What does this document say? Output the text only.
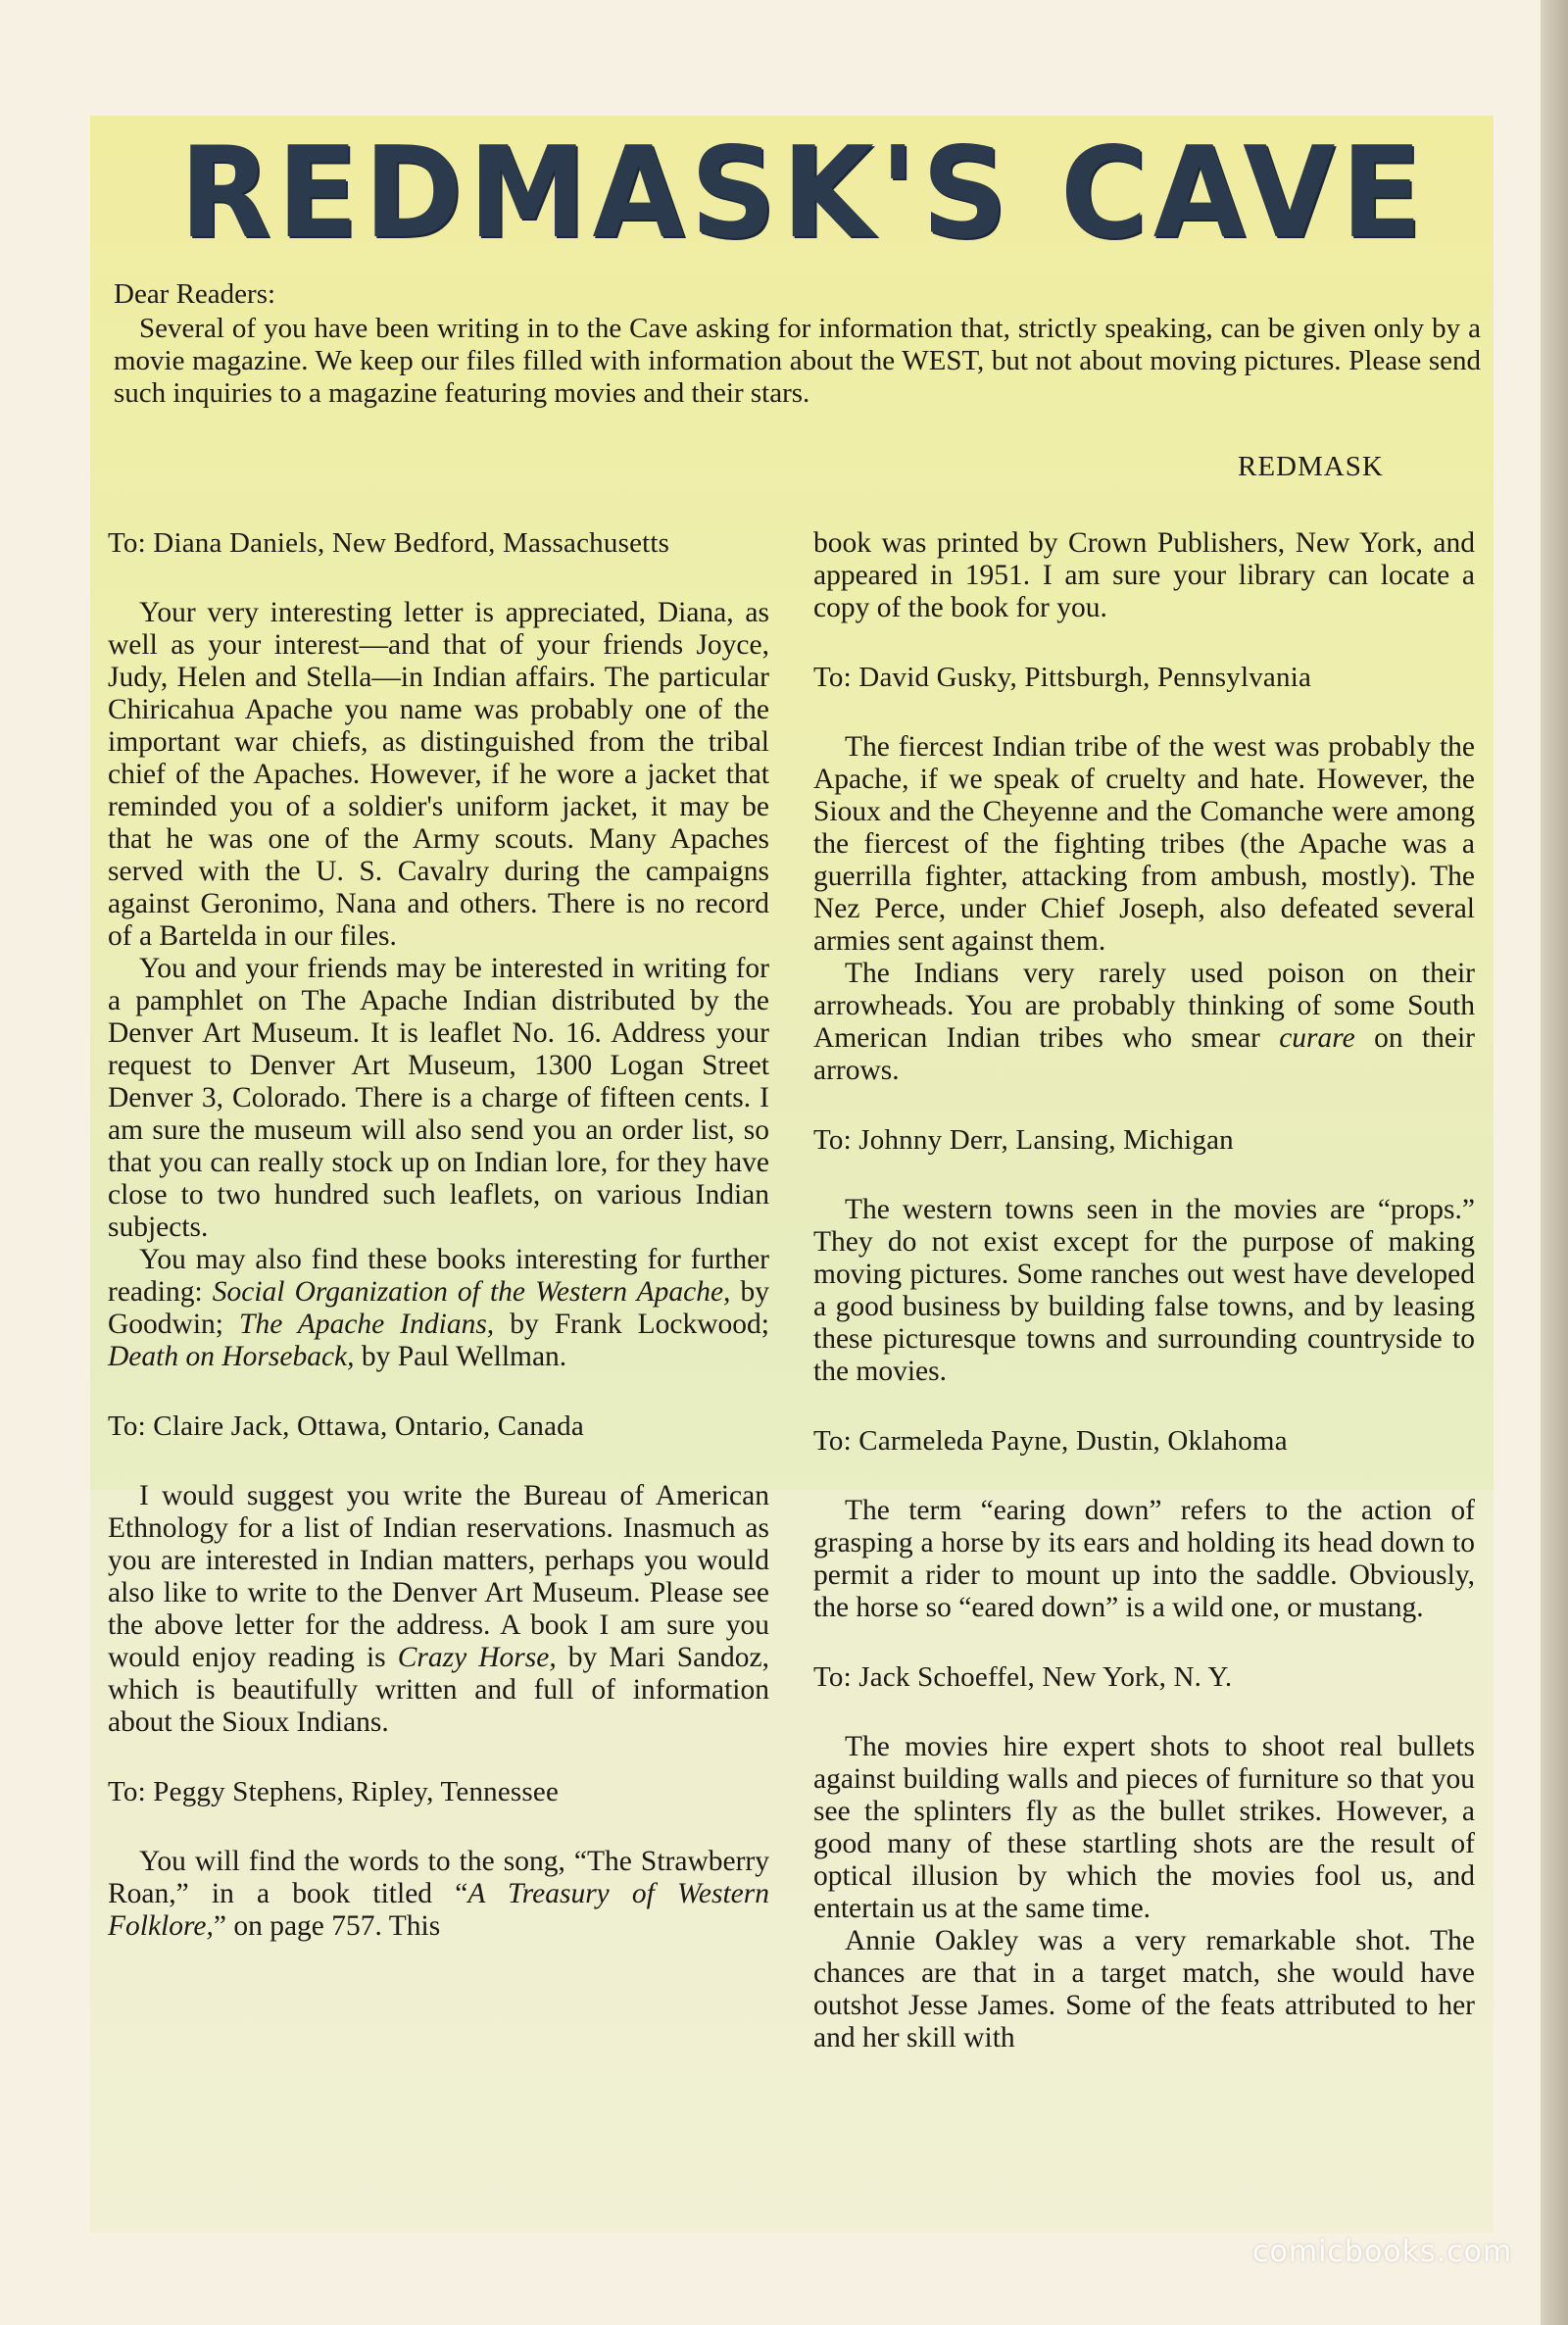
REDMASK'S CAVE

Dear Readers:

Several of you have been writing in to the Cave asking for information that, strictly speaking, can be given only by a movie magazine. We keep our files filled with information about the WEST, but not about moving pictures. Please send such inquiries to a magazine featuring movies and their stars.

REDMASK

To: Diana Daniels, New Bedford, Massachusetts

Your very interesting letter is appreciated, Diana, as well as your interest—and that of your friends Joyce, Judy, Helen and Stella—in Indian affairs. The particular Chiricahua Apache you name was probably one of the important war chiefs, as distinguished from the tribal chief of the Apaches. However, if he wore a jacket that reminded you of a soldier's uniform jacket, it may be that he was one of the Army scouts. Many Apaches served with the U. S. Cavalry during the campaigns against Geronimo, Nana and others. There is no record of a Bartelda in our files.

You and your friends may be interested in writing for a pamphlet on The Apache Indian distributed by the Denver Art Museum. It is leaflet No. 16. Address your request to Denver Art Museum, 1300 Logan Street Denver 3, Colorado. There is a charge of fifteen cents. I am sure the museum will also send you an order list, so that you can really stock up on Indian lore, for they have close to two hundred such leaflets, on various Indian subjects.

You may also find these books interesting for further reading: Social Organization of the Western Apache, by Goodwin; The Apache Indians, by Frank Lockwood; Death on Horseback, by Paul Wellman.

To: Claire Jack, Ottawa, Ontario, Canada

I would suggest you write the Bureau of American Ethnology for a list of Indian reservations. Inasmuch as you are interested in Indian matters, perhaps you would also like to write to the Denver Art Museum. Please see the above letter for the address. A book I am sure you would enjoy reading is Crazy Horse, by Mari Sandoz, which is beautifully written and full of information about the Sioux Indians.

To: Peggy Stephens, Ripley, Tennessee

You will find the words to the song, “The Strawberry Roan,” in a book titled “A Treasury of Western Folklore,” on page 757. This

book was printed by Crown Publishers, New York, and appeared in 1951. I am sure your library can locate a copy of the book for you.

To: David Gusky, Pittsburgh, Pennsylvania

The fiercest Indian tribe of the west was probably the Apache, if we speak of cruelty and hate. However, the Sioux and the Cheyenne and the Comanche were among the fiercest of the fighting tribes (the Apache was a guerrilla fighter, attacking from ambush, mostly). The Nez Perce, under Chief Joseph, also defeated several armies sent against them.

The Indians very rarely used poison on their arrowheads. You are probably thinking of some South American Indian tribes who smear curare on their arrows.

To: Johnny Derr, Lansing, Michigan

The western towns seen in the movies are “props.” They do not exist except for the purpose of making moving pictures. Some ranches out west have developed a good business by building false towns, and by leasing these picturesque towns and surrounding countryside to the movies.

To: Carmeleda Payne, Dustin, Oklahoma

The term “earing down” refers to the action of grasping a horse by its ears and holding its head down to permit a rider to mount up into the saddle. Obviously, the horse so “eared down” is a wild one, or mustang.

To: Jack Schoeffel, New York, N. Y.

The movies hire expert shots to shoot real bullets against building walls and pieces of furniture so that you see the splinters fly as the bullet strikes. However, a good many of these startling shots are the result of optical illusion by which the movies fool us, and entertain us at the same time.

Annie Oakley was a very remarkable shot. The chances are that in a target match, she would have outshot Jesse James. Some of the feats attributed to her and her skill with

comicbooks.com
